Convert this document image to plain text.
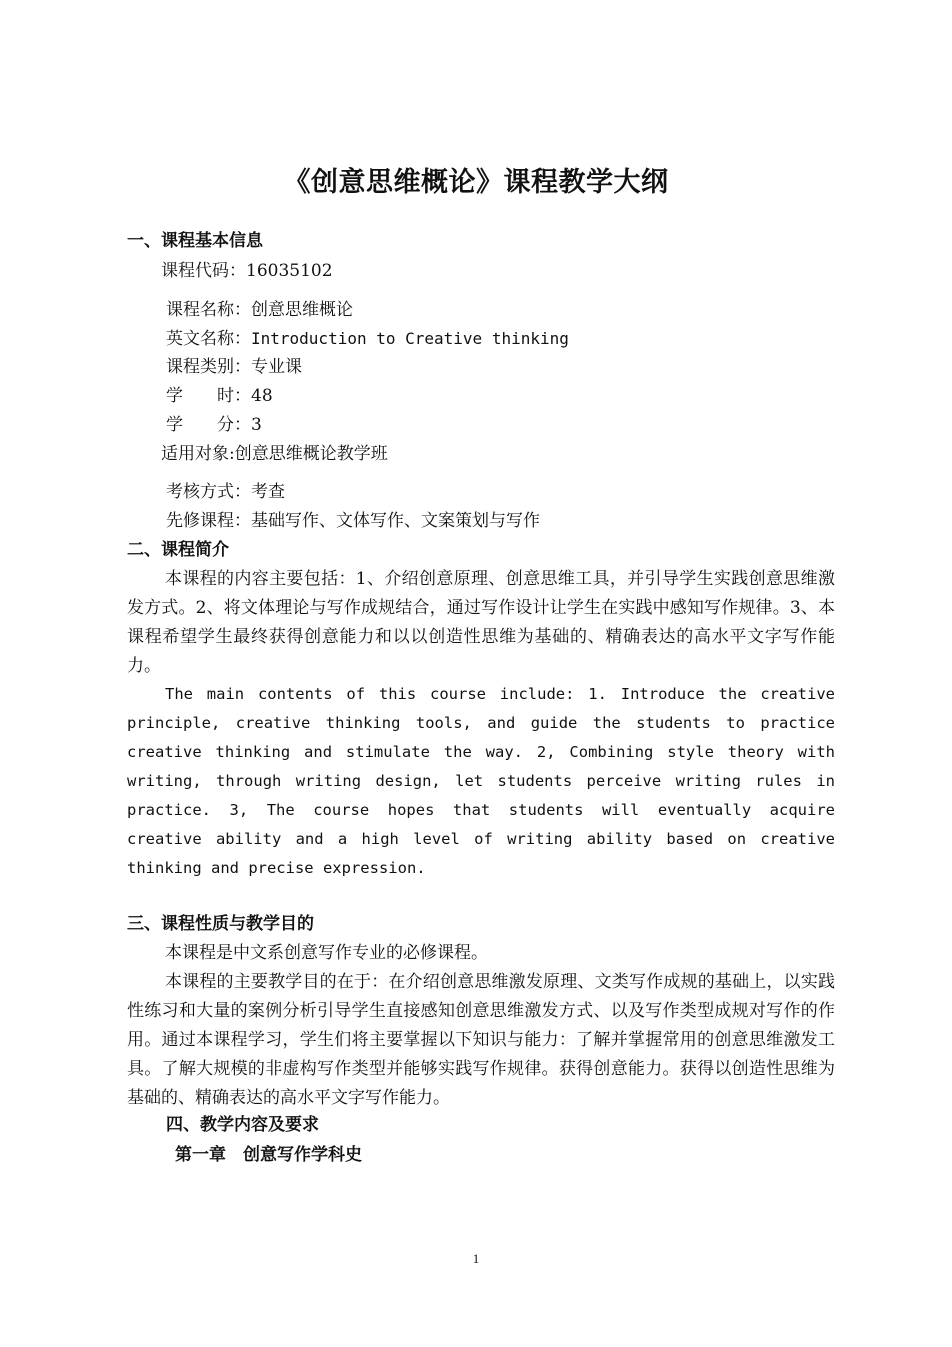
《创意思维概论》课程教学大纲
一、课程基本信息
课程代码：16035102
课程名称：创意思维概论
英文名称：Introduction to Creative thinking
课程类别：专业课
学　　时：48
学　　分：3
适用对象:创意思维概论教学班
考核方式：考查
先修课程：基础写作、文体写作、文案策划与写作
二、课程简介

本课程的内容主要包括：1、介绍创意原理、创意思维工具，并引导学生实践创意思维激发方式。2、将文体理论与写作成规结合，通过写作设计让学生在实践中感知写作规律。3、本课程希望学生最终获得创意能力和以以创造性思维为基础的、精确表达的高水平文字写作能力。

The main contents of this course include: 1. Introduce the creative principle, creative thinking tools, and guide the students to practice creative thinking and stimulate the way. 2, Combining style theory with writing, through writing design, let students perceive writing rules in practice. 3, The course hopes that students will eventually acquire creative ability and a high level of writing ability based on creative thinking and precise expression.

三、课程性质与教学目的

本课程是中文系创意写作专业的必修课程。

本课程的主要教学目的在于：在介绍创意思维激发原理、文类写作成规的基础上，以实践性练习和大量的案例分析引导学生直接感知创意思维激发方式、以及写作类型成规对写作的作用。通过本课程学习，学生们将主要掌握以下知识与能力：了解并掌握常用的创意思维激发工具。了解大规模的非虚构写作类型并能够实践写作规律。获得创意能力。获得以创造性思维为基础的、精确表达的高水平文字写作能力。

四、教学内容及要求
第一章　创意写作学科史
1
